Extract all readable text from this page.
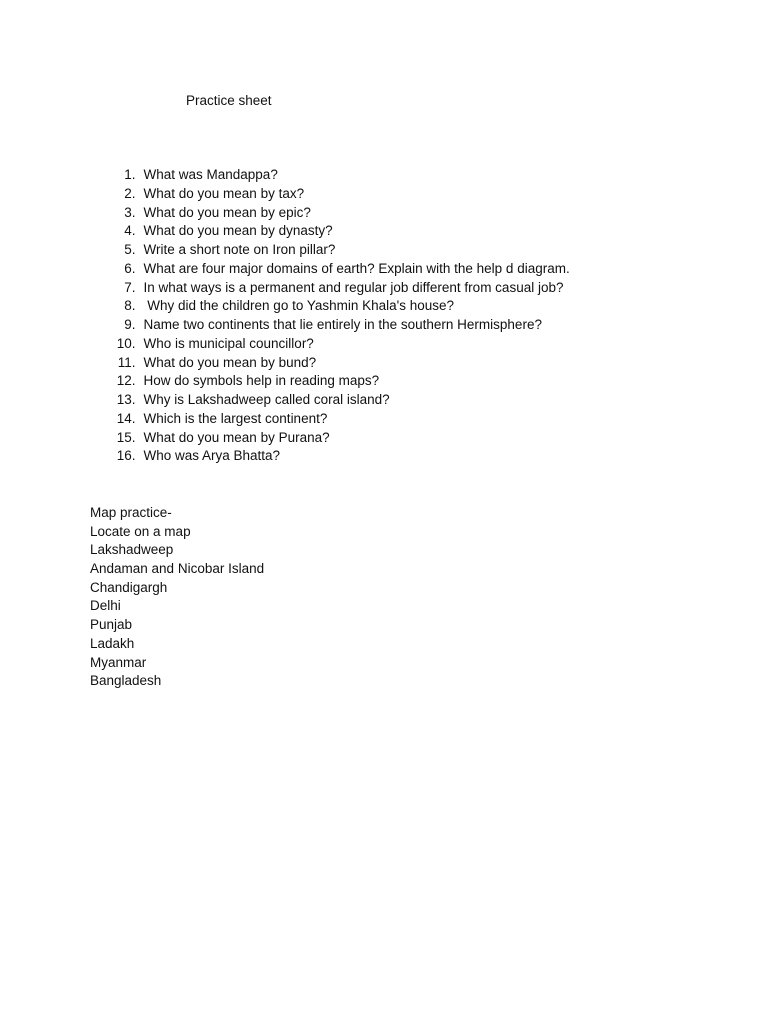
Practice sheet
1. What was Mandappa?
2. What do you mean by tax?
3. What do you mean by epic?
4. What do you mean by dynasty?
5. Write a short note on Iron pillar?
6. What are four major domains of earth? Explain with the help d diagram.
7. In what ways is a permanent and regular job different from casual job?
8. Why did the children go to Yashmin Khala's house?
9. Name two continents that lie entirely in the southern Hermisphere?
10. Who is municipal councillor?
11. What do you mean by bund?
12. How do symbols help in reading maps?
13. Why is Lakshadweep called coral island?
14. Which is the largest continent?
15. What do you mean by Purana?
16. Who was Arya Bhatta?
Map practice-
Locate on a map
Lakshadweep
Andaman and Nicobar Island
Chandigargh
Delhi
Punjab
Ladakh
Myanmar
Bangladesh
